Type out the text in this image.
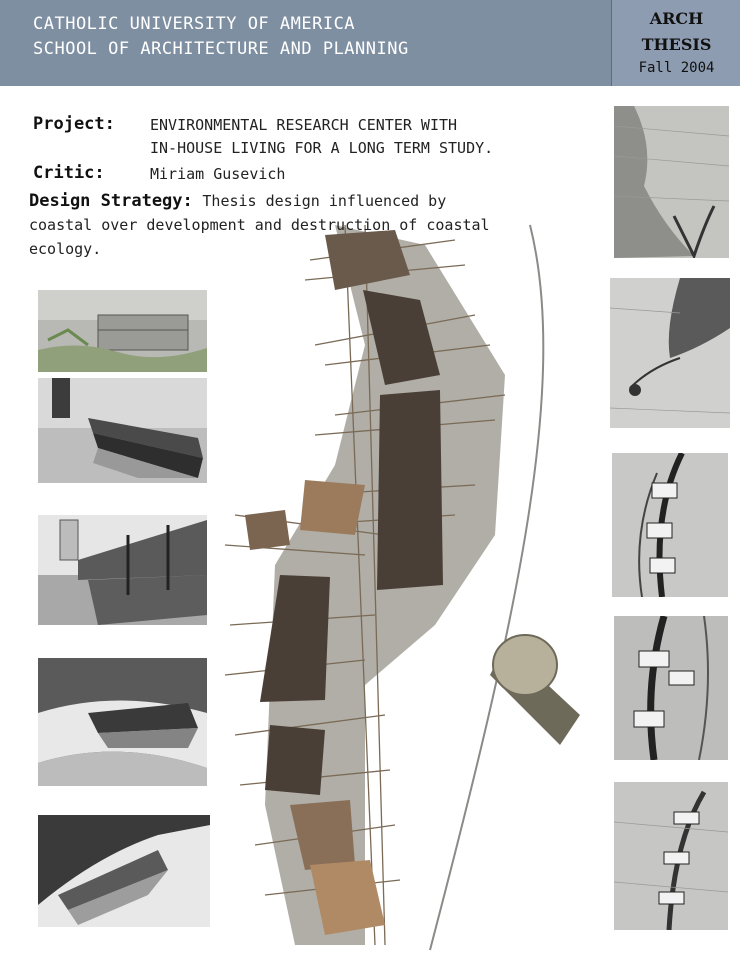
CATHOLIC UNIVERSITY OF AMERICA
SCHOOL OF ARCHITECTURE AND PLANNING
ARCH
THESIS
Fall 2004
Project: ENVIRONMENTAL RESEARCH CENTER WITH
IN-HOUSE LIVING FOR A LONG TERM STUDY.
Critic:	Miriam Gusevich
Design Strategy: Thesis design influenced by
coastal over development and destruction of coastal
ecology.
